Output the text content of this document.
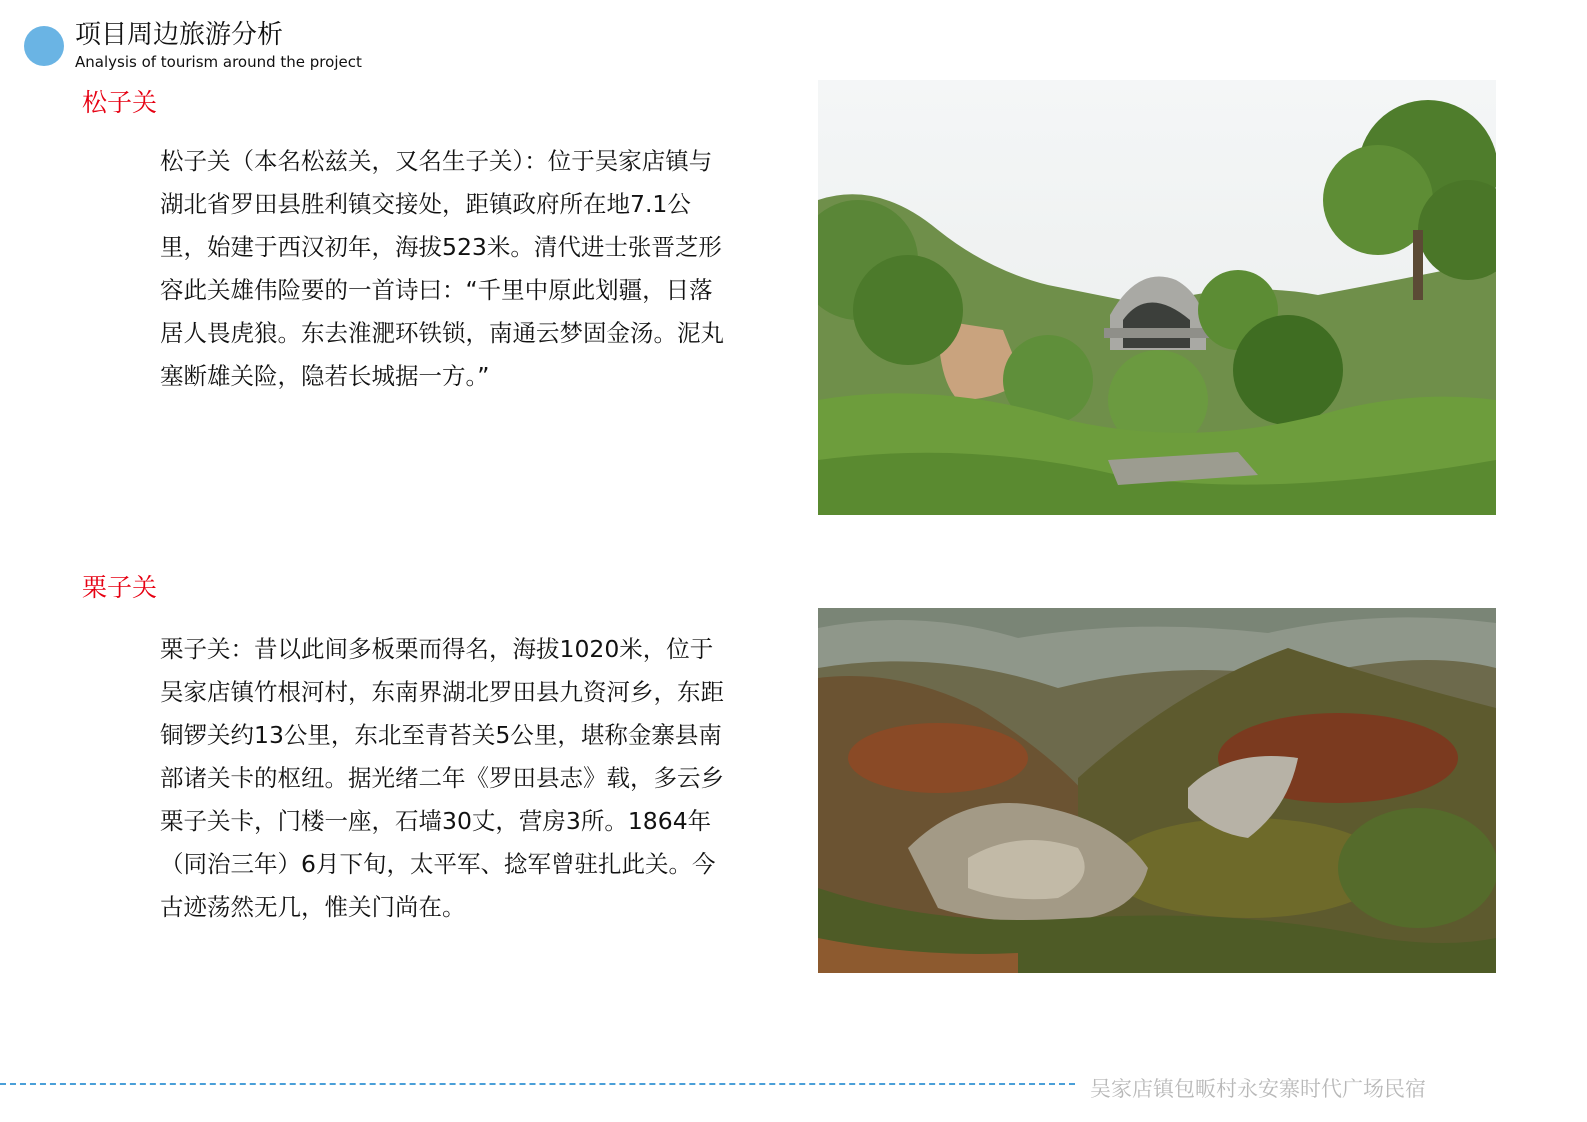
项目周边旅游分析
Analysis of tourism around the project
松子关

松子关（本名松兹关，又名生子关）：位于吴家店镇与湖北省罗田县胜利镇交接处，距镇政府所在地7.1公里，始建于西汉初年，海拔523米。清代进士张晋芝形容此关雄伟险要的一首诗曰：“千里中原此划疆，日落居人畏虎狼。东去淮淝环铁锁，南通云梦固金汤。泥丸塞断雄关险，隐若长城据一方。”

栗子关

栗子关：昔以此间多板栗而得名，海拔1020米，位于吴家店镇竹根河村，东南界湖北罗田县九资河乡，东距铜锣关约13公里，东北至青苔关5公里，堪称金寨县南部诸关卡的枢纽。据光绪二年《罗田县志》载，多云乡栗子关卡，门楼一座，石墙30丈，营房3所。1864年（同治三年）6月下旬，太平军、捻军曾驻扎此关。今古迹荡然无几，惟关门尚在。

吴家店镇包畈村永安寨时代广场民宿
